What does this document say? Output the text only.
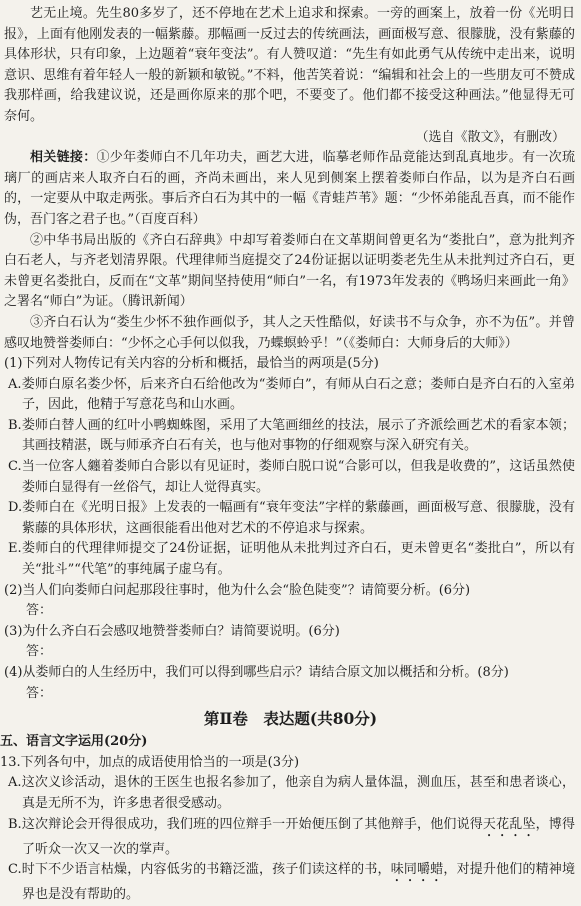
艺无止境。先生80多岁了，还不停地在艺术上追求和探索。一旁的画案上，放着一份《光明日报》，上面有他刚发表的一幅紫藤。那幅画一反过去的传统画法，画面极写意、很朦胧，没有紫藤的具体形状，只有印象，上边题着“衰年变法”。有人赞叹道：“先生有如此勇气从传统中走出来，说明意识、思维有着年轻人一般的新颖和敏锐。”不料，他苦笑着说：“编辑和社会上的一些朋友可不赞成我那样画，给我建议说，还是画你原来的那个吧，不要变了。他们都不接受这种画法。”他显得无可奈何。

（选自《散文》，有删改）

相关链接：①少年娄师白不几年功夫，画艺大进，临摹老师作品竟能达到乱真地步。有一次琉璃厂的画店来人取齐白石的画，齐尚未画出，来人见到侧案上摆着娄师白作品，以为是齐白石画的，一定要从中取走两张。事后齐白石为其中的一幅《青蛙芦苇》题：“少怀弟能乱吾真，而不能作伪，吾门客之君子也。”（百度百科）

②中华书局出版的《齐白石辞典》中却写着娄师白在文革期间曾更名为“娄批白”，意为批判齐白石老人，与齐老划清界限。代理律师当庭提交了24份证据以证明娄老先生从未批判过齐白石，更未曾更名娄批白，反而在“文革”期间坚持使用“师白”一名，有1973年发表的《鸭场归来画此一角》之署名“师白”为证。（腾讯新闻）

③齐白石认为“娄生少怀不独作画似予，其人之天性酷似，好读书不与众争，亦不为伍”。并曾感叹地赞誉娄师白：“少怀之心手何以似我，乃蝶螟蛉乎！”（《娄师白：大师身后的大师》）

(1)下列对人物传记有关内容的分析和概括，最恰当的两项是(5分)

A.娄师白原名娄少怀，后来齐白石给他改为“娄师白”，有师从白石之意；娄师白是齐白石的入室弟子，因此，他精于写意花鸟和山水画。

B.娄师白替人画的红叶小鸭蜘蛛图，采用了大笔画细丝的技法，展示了齐派绘画艺术的看家本领；其画技精湛，既与师承齐白石有关，也与他对事物的仔细观察与深入研究有关。

C.当一位客人纏着娄师白合影以有见证时，娄师白脱口说“合影可以，但我是收费的”，这话虽然使娄师白显得有一丝俗气，却让人觉得真实。

D.娄师白在《光明日报》上发表的一幅画有“衰年变法”字样的紫藤画，画面极写意、很朦胧，没有紫藤的具体形状，这画很能看出他对艺术的不停追求与探索。

E.娄师白的代理律师提交了24份证据，证明他从未批判过齐白石，更未曾更名“娄批白”，所以有关“批斗”“代笔”的事纯属子虚乌有。

(2)当人们向娄师白问起那段往事时，他为什么会“脸色陡变”？请简要分析。(6分)

答：

(3)为什么齐白石会感叹地赞誉娄师白？请简要说明。(6分)

答：

(4)从娄师白的人生经历中，我们可以得到哪些启示？请结合原文加以概括和分析。(8分)

答：

第Ⅱ卷　表达题(共80分)

五、语言文字运用(20分)

13.下列各句中，加点的成语使用恰当的一项是(3分)

A.这次义诊活动，退休的王医生也报名参加了，他亲自为病人量体温，测血压，甚至和患者谈心，真是无所不为，许多患者很受感动。

B.这次辩论会开得很成功，我们班的四位辩手一开始便压倒了其他辩手，他们说得天花乱坠，博得了听众一次又一次的掌声。

C.时下不少语言枯燥，内容低劣的书籍泛滥，孩子们读这样的书，味同嚼蜡，对提升他们的精神境界也是没有帮助的。
